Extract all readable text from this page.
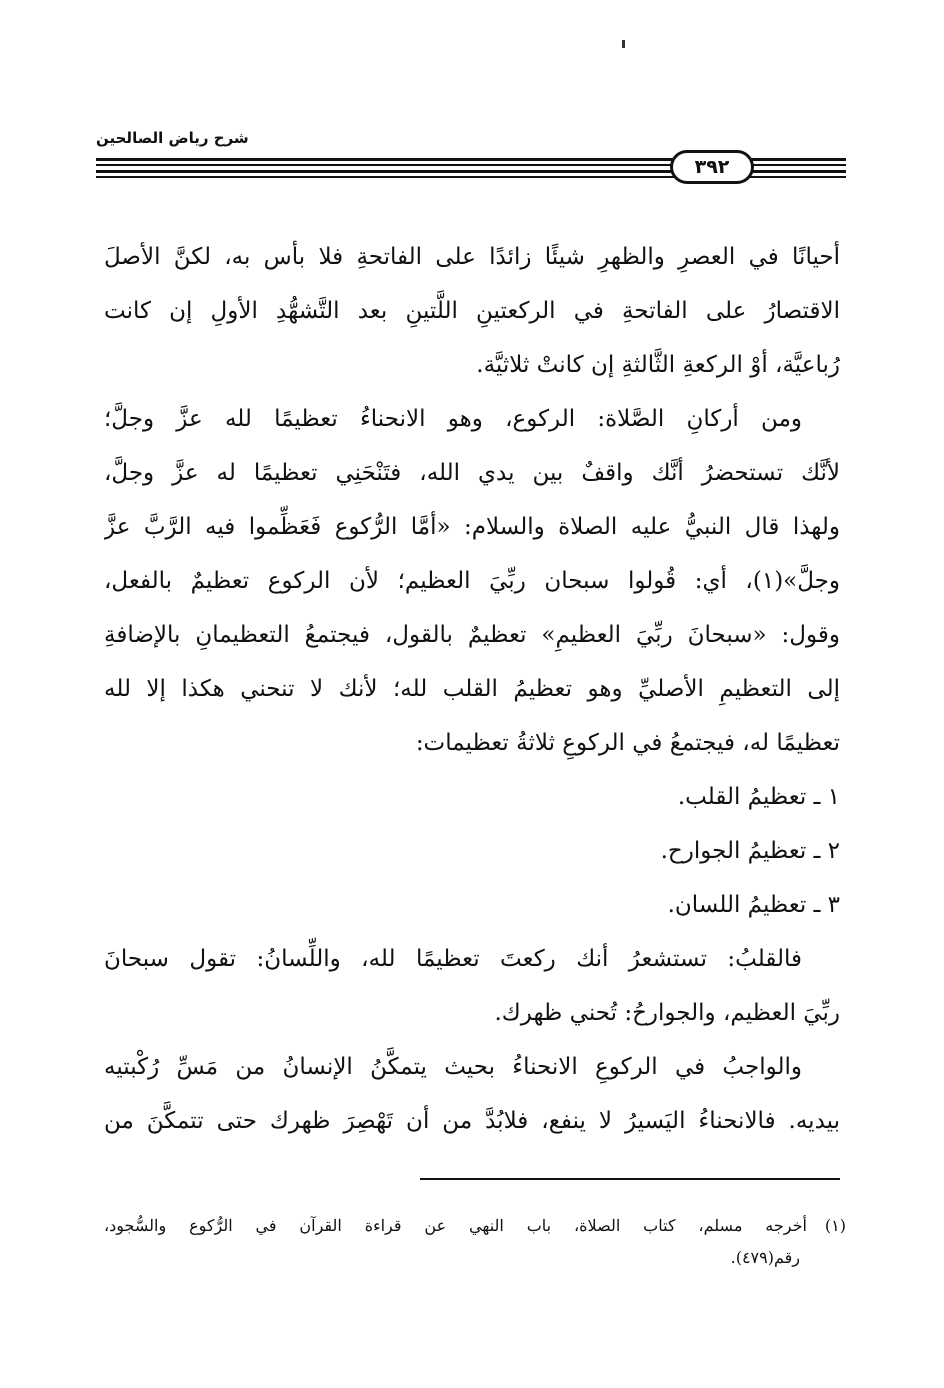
شرح رياض الصالحين
٣٩٢
أحيانًا في العصرِ والظهرِ شيئًا زائدًا على الفاتحةِ فلا بأس به، لكنَّ الأصلَ
الاقتصارُ على الفاتحةِ في الركعتينِ اللَّتينِ بعد التَّشهُّدِ الأولِ إن كانت
رُباعيَّة، أوْ الركعةِ الثَّالثةِ إن كانتْ ثلاثيَّة.
ومن أركانِ الصَّلاة: الركوع، وهو الانحناءُ تعظيمًا لله عزَّ وجلَّ؛
لأنَّك تستحضرُ أنَّك واقفٌ بين يدي الله، فتَنْحَنِي تعظيمًا له عزَّ وجلَّ،
ولهذا قال النبيُّ عليه الصلاة والسلام: «أمَّا الرُّكوع فَعَظِّموا فيه الرَّبَّ عزَّ
وجلَّ»(١)، أي: قُولوا سبحان ربِّيَ العظيم؛ لأن الركوع تعظيمٌ بالفعل،
وقول: «سبحانَ ربِّيَ العظيمِ» تعظيمٌ بالقول، فيجتمعُ التعظيمانِ بالإضافةِ
إلى التعظيمِ الأصليِّ وهو تعظيمُ القلب لله؛ لأنك لا تنحني هكذا إلا لله
تعظيمًا له، فيجتمعُ في الركوعِ ثلاثةُ تعظيمات:
١ ـ تعظيمُ القلب.
٢ ـ تعظيمُ الجوارح.
٣ ـ تعظيمُ اللسان.
فالقلبُ: تستشعرُ أنك ركعتَ تعظيمًا لله، واللِّسانُ: تقول سبحانَ
ربِّيَ العظيم، والجوارحُ: تُحني ظهرك.
والواجبُ في الركوعِ الانحناءُ بحيث يتمكَّنُ الإنسانُ من مَسِّ رُكْبتيه
بيديه. فالانحناءُ اليَسيرُ لا ينفع، فلابُدَّ من أن تَهْصِرَ ظهرك حتى تتمكَّنَ من
(١)أخرجه مسلم، كتاب الصلاة، باب النهي عن قراءة القرآن في الرُّكوع والسُّجود،
رقم(٤٧٩).
